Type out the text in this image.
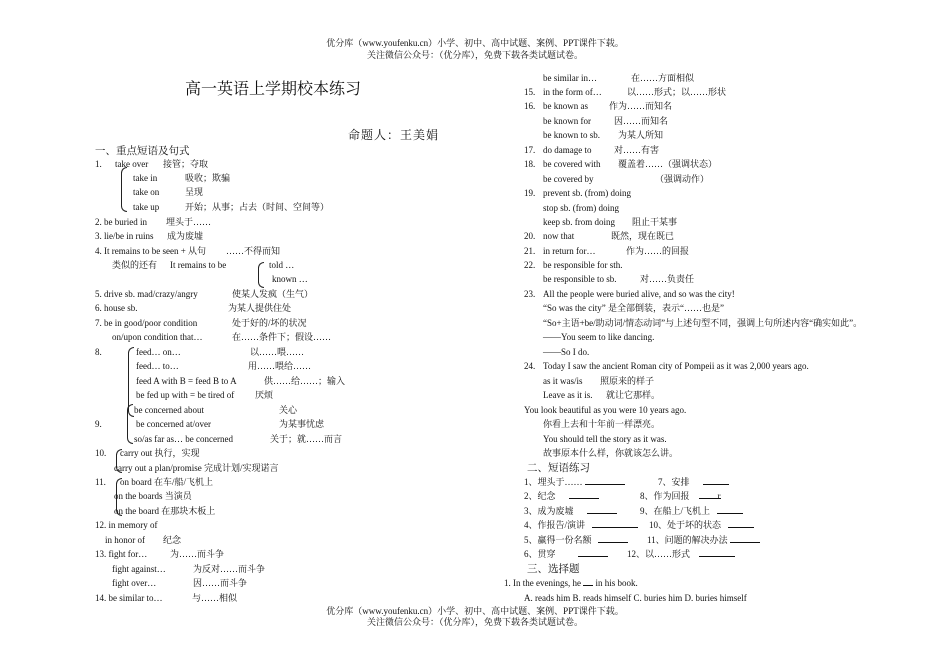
优分库（www.youfenku.cn）小学、初中、高中试题、案例、PPT课件下载。
关注微信公众号：（优分库），免费下载各类试题试卷。
高一英语上学期校本练习
命题人：王美娟
一、重点短语及句式
1. take over 接管；夺取
take in	吸收；欺骗
take on	呈现
take up	开始；从事；占去（时间、空间等）
2. be buried in 埋头于……
3. lie/be in ruins 成为废墟
4. It remains to be seen + 从句 ……不得而知
类似的还有 It remains to be	told …
known …
5. drive sb. mad/crazy/angry	使某人发疯（生气）
6. house sb.	为某人提供住处
7. be in good/poor condition	处于好的/坏的状况
on/upon condition that…	在……条件下；假设……
8.	feed… on…	以……喂……
feed… to…	用……喂给……
feed A with B = feed B to A	供……给……；输入
be fed up with = be tired of 厌烦
be concerned about	关心
9.	be concerned at/over	为某事忧虑
so/as far as… be concerned	关于；就……而言
10. carry out 执行，实现
carry out a plan/promise 完成计划/实现诺言
11. on board 在车/船/飞机上
on the boards 当演员
on the board 在那块木板上
12. in memory of
in honor of 纪念
13. fight for…	为……而斗争
fight against…	为反对……而斗争
fight over…	因……而斗争
14. be similar to…	与……相似
be similar in…	在……方面相似
15. in the form of…	以……形式；以……形状
16. be known as 作为……而知名
be known for	因……而知名
be known to sb. 为某人所知
17. do damage to	对……有害
18. be covered with 覆盖着……（强调状态）
be covered by	（强调动作）
19. prevent sb. (from) doing
stop sb. (from) doing
keep sb. from doing 阻止干某事
20. now that	既然，现在既已
21. in return for…	作为……的回报
22. be responsible for sth.
be responsible to sb.	对……负责任
23. All the people were buried alive, and so was the city!
“So was the city” 是全部倒装，表示“……也是”
“So+主语+be/助动词/情态动词”与上述句型不同，强调上句所述内容“确实如此”。
——You seem to like dancing.
——So I do.
24. Today I saw the ancient Roman city of Pompeii as it was 2,000 years ago.
as it was/is 照原来的样子
Leave as it is. 就让它那样。
You look beautiful as you were 10 years ago.
你看上去和十年前一样漂亮。
You should tell the story as it was.
故事原本什么样，你就该怎么讲。
二、短语练习
1、埋头于……	7、安排
2、纪念	8、作为回报	r
3、成为废墟	9、在船上/飞机上
4、作报告/演讲	10、处于坏的状态
5、赢得一份名额	11、问题的解决办法
6、贯穿	12、以……形式
三、选择题
1. In the evenings, he in his book.
A. reads him B. reads himself C. buries him D. buries himself
优分库（www.youfenku.cn）小学、初中、高中试题、案例、PPT课件下载。
关注微信公众号：（优分库），免费下载各类试题试卷。
